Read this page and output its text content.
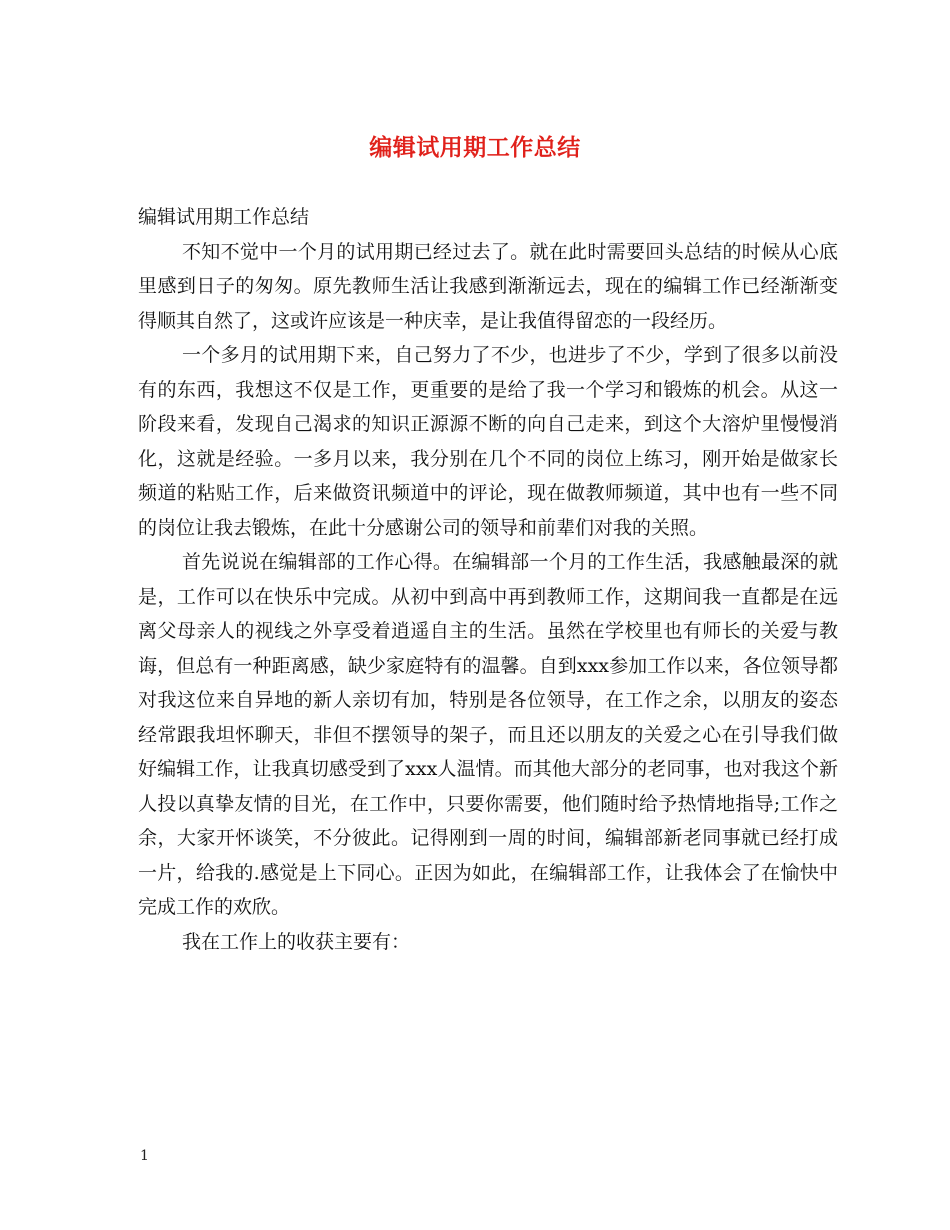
编辑试用期工作总结

编辑试用期工作总结

不知不觉中一个月的试用期已经过去了。就在此时需要回头总结的时候从心底里感到日子的匆匆。原先教师生活让我感到渐渐远去，现在的编辑工作已经渐渐变得顺其自然了，这或许应该是一种庆幸，是让我值得留恋的一段经历。

一个多月的试用期下来，自己努力了不少，也进步了不少，学到了很多以前没有的东西，我想这不仅是工作，更重要的是给了我一个学习和锻炼的机会。从这一阶段来看，发现自己渴求的知识正源源不断的向自己走来，到这个大溶炉里慢慢消化，这就是经验。一多月以来，我分别在几个不同的岗位上练习，刚开始是做家长频道的粘贴工作，后来做资讯频道中的评论，现在做教师频道，其中也有一些不同的岗位让我去锻炼，在此十分感谢公司的领导和前辈们对我的关照。

首先说说在编辑部的工作心得。在编辑部一个月的工作生活，我感触最深的就是，工作可以在快乐中完成。从初中到高中再到教师工作，这期间我一直都是在远离父母亲人的视线之外享受着逍遥自主的生活。虽然在学校里也有师长的关爱与教诲，但总有一种距离感，缺少家庭特有的温馨。自到xxx参加工作以来，各位领导都对我这位来自异地的新人亲切有加，特别是各位领导，在工作之余，以朋友的姿态经常跟我坦怀聊天，非但不摆领导的架子，而且还以朋友的关爱之心在引导我们做好编辑工作，让我真切感受到了xxx人温情。而其他大部分的老同事，也对我这个新人投以真挚友情的目光，在工作中，只要你需要，他们随时给予热情地指导;工作之余，大家开怀谈笑，不分彼此。记得刚到一周的时间，编辑部新老同事就已经打成一片，给我的.感觉是上下同心。正因为如此，在编辑部工作，让我体会了在愉快中完成工作的欢欣。

我在工作上的收获主要有：

1
